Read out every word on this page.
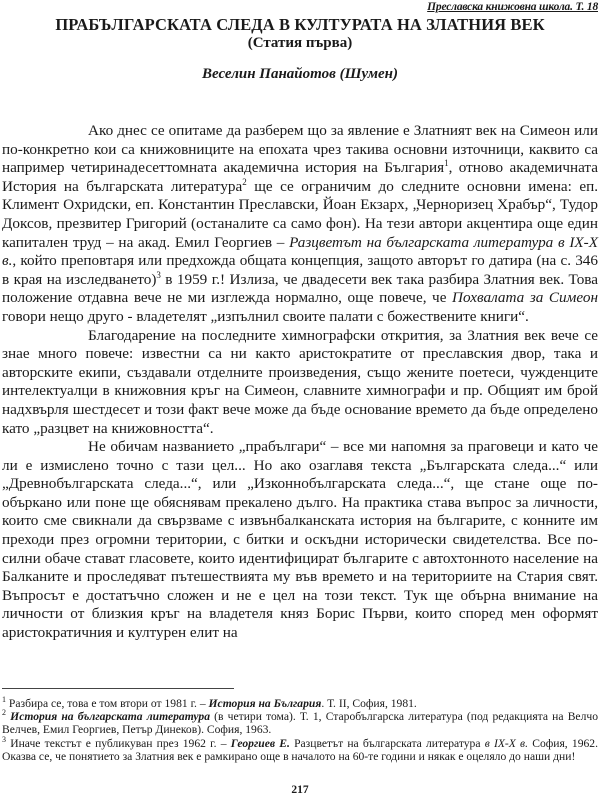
Преславска книжовна школа. Т. 18
ПРАБЪЛГАРСКАТА СЛЕДА В КУЛТУРАТА НА ЗЛАТНИЯ ВЕК
(Статия първа)
Веселин Панайотов (Шумен)

Ако днес се опитаме да разберем що за явление е Златният век на Симеон или по-конкретно кои са книжовниците на епохата чрез такива основни източници, каквито са например четиринадесеттомната академична история на България$^1$, отново академичната История на българската литература$^2$ ще се ограничим до следните основни имена: еп. Климент Охридски, еп. Константин Преславски, Йоан Екзарх, „Черноризец Храбър“, Тудор Доксов, презвитер Григорий (останалите са само фон). На тези автори акцентира още един капитален труд – на акад. Емил Георгиев – Разцветът на българската литература в IX-X в., който преповтаря или предхожда общата концепция, защото авторът го датира (на с. 346 в края на изследването)$^3$ в 1959 г.! Излиза, че двадесети век така разбира Златния век. Това положение отдавна вече не ми изглежда нормално, още повече, че Похвалата за Симеон говори нещо друго - владетелят „изпълнил своите палати с божествените книги“.

Благодарение на последните химнографски открития, за Златния век вече се знае много повече: известни са ни както аристократите от преславския двор, така и авторските екипи, създавали отделните произведения, също жените поетеси, чужденците интелектуалци в книжовния кръг на Симеон, славните химнографи и пр. Общият им брой надхвърля шестдесет и този факт вече може да бъде основание времето да бъде определено като „разцвет на книжовността“.

Не обичам названието „прабългари“ – все ми напомня за праговеци и като че ли е измислено точно с тази цел... Но ако озаглавя текста „Българската следа...“ или „Древнобългарската следа...“, или „Изконнобългарската следа...“, ще стане още по-объркано или поне ще обяснявам прекалено дълго. На практика става въпрос за личности, които сме свикнали да свързваме с извънбалканската история на българите, с конните им преходи през огромни територии, с битки и оскъдни исторически свидетелства. Все по-силни обаче стават гласовете, които идентифицират българите с автохтонното население на Балканите и проследяват пътешествията му във времето и на териториите на Стария свят. Въпросът е достатъчно сложен и не е цел на този текст. Тук ще обърна внимание на личности от близкия кръг на владетеля княз Борис Първи, които според мен оформят аристократичния и културен елит на

$^1$ Разбира се, това е том втори от 1981 г. – История на България. Т. II, София, 1981.

$^2$ История на българската литература (в четири тома). Т. 1, Старобългарска литература (под редакцията на Велчо Велчев, Емил Георгиев, Петър Динеков). София, 1963.

$^3$ Иначе текстът е публикуван през 1962 г. – Георгиев Е. Разцветът на българската литература в IX-X в. София, 1962. Оказва се, че понятието за Златния век е рамкирано още в началото на 60-те години и някак е оцеляло до наши дни!

217
